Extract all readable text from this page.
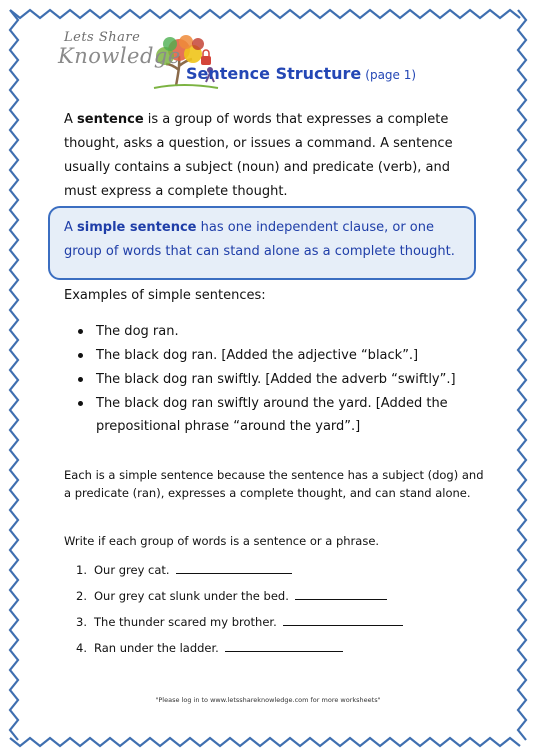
Lets Share
Knowledge
Sentence Structure (page 1)
A sentence is a group of words that expresses a complete thought, asks a question, or issues a command. A sentence usually contains a subject (noun) and predicate (verb), and must express a complete thought.
A simple sentence has one independent clause, or one group of words that can stand alone as a complete thought.
Examples of simple sentences:
The dog ran.
The black dog ran. [Added the adjective “black”.]
The black dog ran swiftly. [Added the adverb “swiftly”.]
The black dog ran swiftly around the yard. [Added the prepositional phrase “around the yard”.]
Each is a simple sentence because the sentence has a subject (dog) and a predicate (ran), expresses a complete thought, and can stand alone.
Write if each group of words is a sentence or a phrase.
1. Our grey cat.
2. Our grey cat slunk under the bed.
3. The thunder scared my brother.
4. Ran under the ladder.
"Please log in to www.letsshareknowledge.com for more worksheets"
